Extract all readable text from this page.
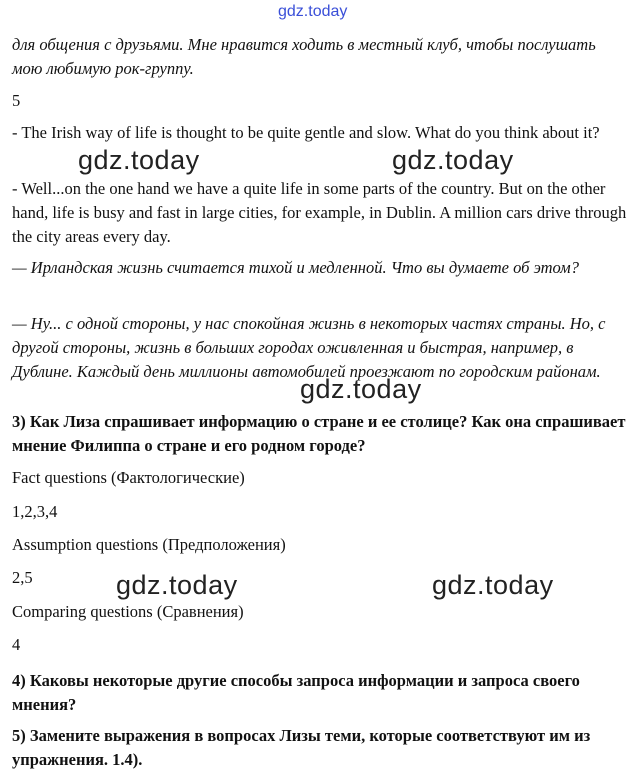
gdz.today

для общения с друзьями. Мне нравится ходить в местный клуб, чтобы послушать мою любимую рок-группу.

5

- The Irish way of life is thought to be quite gentle and slow. What do you think about it?

- Well...on the one hand we have a quite life in some parts of the country. But on the other hand, life is busy and fast in large cities, for example, in Dublin. A million cars drive through the city areas every day.

— Ирландская жизнь считается тихой и медленной. Что вы думаете об этом?

— Ну... с одной стороны, у нас спокойная жизнь в некоторых частях страны. Но, с другой стороны, жизнь в больших городах оживленная и быстрая, например, в Дублине. Каждый день миллионы автомобилей проезжают по городским районам.

3) Как Лиза спрашивает информацию о стране и ее столице? Как она спрашивает мнение Филиппа о стране и его родном городе?

Fact questions (Фактологические)

1,2,3,4

Assumption questions (Предположения)

2,5

Comparing questions (Сравнения)

4

4) Каковы некоторые другие способы запроса информации и запроса своего мнения?

5) Замените выражения в вопросах Лизы теми, которые соответствуют им из упражнения. 1.4).

gdz.today	gdz.today
gdz.today
gdz.today	gdz.today
